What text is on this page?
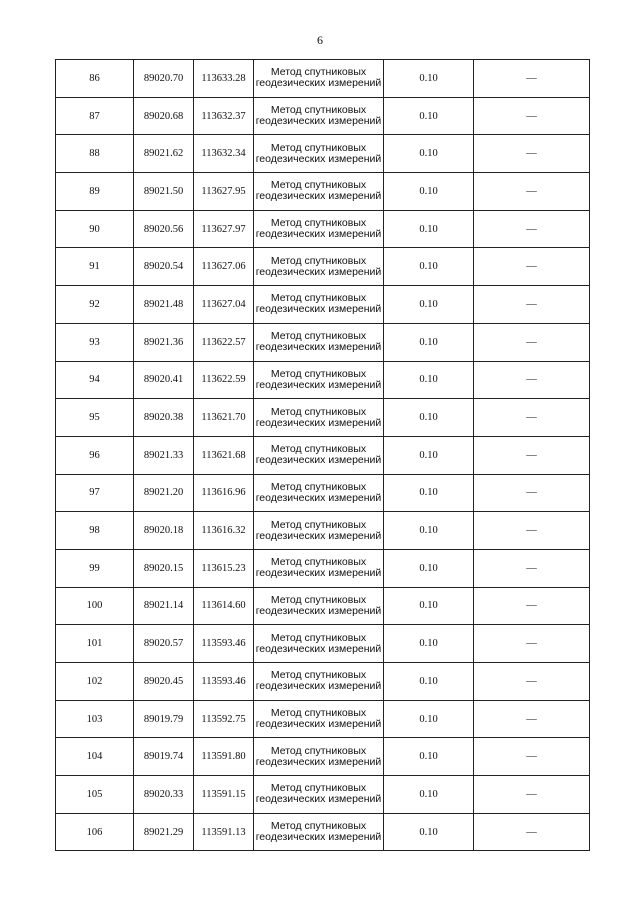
6
86	89020.70	113633.28	Метод спутниковых
геодезических измерений	0.10	—
87	89020.68	113632.37	Метод спутниковых
геодезических измерений	0.10	—
88	89021.62	113632.34	Метод спутниковых
геодезических измерений	0.10	—
89	89021.50	113627.95	Метод спутниковых
геодезических измерений	0.10	—
90	89020.56	113627.97	Метод спутниковых
геодезических измерений	0.10	—
91	89020.54	113627.06	Метод спутниковых
геодезических измерений	0.10	—
92	89021.48	113627.04	Метод спутниковых
геодезических измерений	0.10	—
93	89021.36	113622.57	Метод спутниковых
геодезических измерений	0.10	—
94	89020.41	113622.59	Метод спутниковых
геодезических измерений	0.10	—
95	89020.38	113621.70	Метод спутниковых
геодезических измерений	0.10	—
96	89021.33	113621.68	Метод спутниковых
геодезических измерений	0.10	—
97	89021.20	113616.96	Метод спутниковых
геодезических измерений	0.10	—
98	89020.18	113616.32	Метод спутниковых
геодезических измерений	0.10	—
99	89020.15	113615.23	Метод спутниковых
геодезических измерений	0.10	—
100	89021.14	113614.60	Метод спутниковых
геодезических измерений	0.10	—
101	89020.57	113593.46	Метод спутниковых
геодезических измерений	0.10	—
102	89020.45	113593.46	Метод спутниковых
геодезических измерений	0.10	—
103	89019.79	113592.75	Метод спутниковых
геодезических измерений	0.10	—
104	89019.74	113591.80	Метод спутниковых
геодезических измерений	0.10	—
105	89020.33	113591.15	Метод спутниковых
геодезических измерений	0.10	—
106	89021.29	113591.13	Метод спутниковых
геодезических измерений	0.10	—
